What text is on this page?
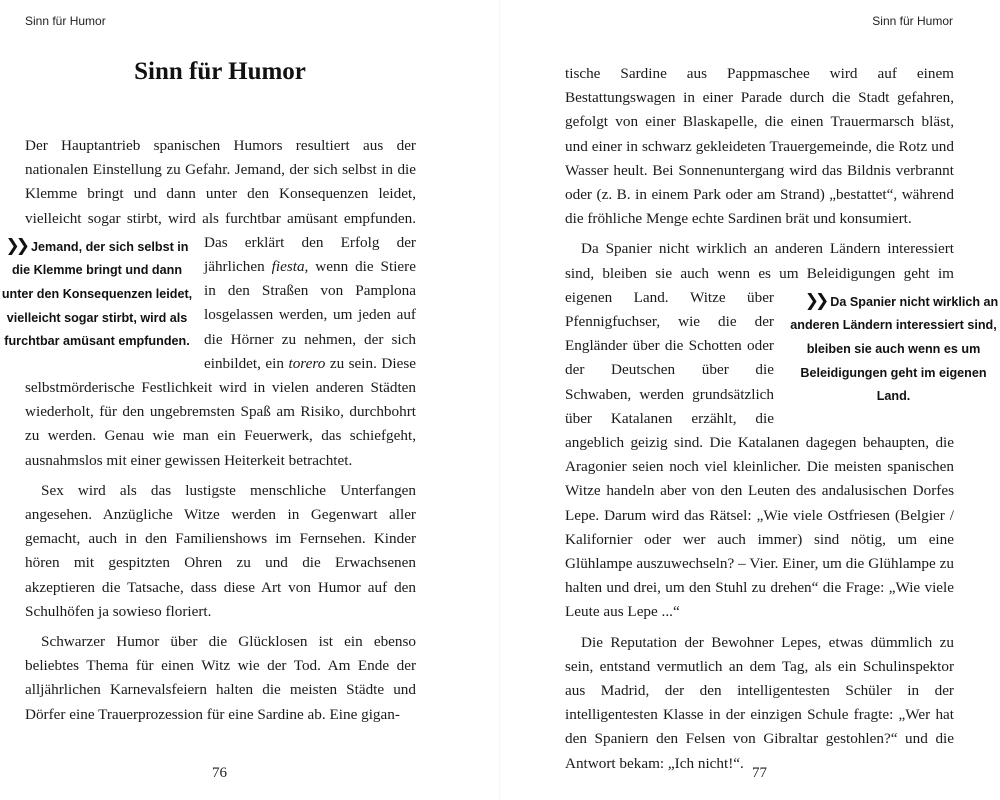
Sinn für Humor
Sinn für Humor

Der Hauptantrieb spanischen Humors resultiert aus der nationalen Einstellung zu Gefahr. Jemand, der sich selbst in die Klemme bringt und dann unter den Konsequenzen leidet, vielleicht sogar stirbt, wird als furchtbar amüsant empfunden.
❯❯ Jemand, der sich selbst in die Klemme bringt und dann unter den Konsequenzen leidet, vielleicht sogar stirbt, wird als furchtbar amüsant empfunden.
Das erklärt den Erfolg der jährlichen fiesta, wenn die Stiere in den Straßen von Pamplona losgelassen werden, um jeden auf die Hörner zu nehmen, der sich einbildet, ein torero zu sein. Diese selbstmörderische Festlichkeit wird in vielen anderen Städten wiederholt, für den ungebremsten Spaß am Risiko, durchbohrt zu werden. Genau wie man ein Feuerwerk, das schiefgeht, ausnahmslos mit einer gewissen Heiterkeit betrachtet.

Sex wird als das lustigste menschliche Unterfangen angesehen. Anzügliche Witze werden in Gegenwart aller gemacht, auch in den Familienshows im Fernsehen. Kinder hören mit gespitzten Ohren zu und die Erwachsenen akzeptieren die Tatsache, dass diese Art von Humor auf den Schulhöfen ja sowieso floriert.

Schwarzer Humor über die Glücklosen ist ein ebenso beliebtes Thema für einen Witz wie der Tod. Am Ende der alljährlichen Karnevalsfeiern halten die meisten Städte und Dörfer eine Trauerprozession für eine Sardine ab. Eine gigan-

76
Sinn für Humor

tische Sardine aus Pappmaschee wird auf einem Bestattungswagen in einer Parade durch die Stadt gefahren, gefolgt von einer Blaskapelle, die einen Trauermarsch bläst, und einer in schwarz gekleideten Trauergemeinde, die Rotz und Wasser heult. Bei Sonnenuntergang wird das Bildnis verbrannt oder (z. B. in einem Park oder am Strand) „bestattet“, während die fröhliche Menge echte Sardinen brät und konsumiert.

Da Spanier nicht wirklich an anderen Ländern interessiert sind, bleiben sie auch wenn es um Beleidigungen geht im eigenen Land.	❯❯ Da Spanier nicht wirklich an anderen Ländern interessiert sind, bleiben sie auch wenn es um Beleidigungen geht im eigenen Land.
Witze über Pfennigfuchser, wie die der Engländer über die Schotten oder der Deutschen über die Schwaben, werden grundsätzlich über Katalanen erzählt, die angeblich geizig sind. Die Katalanen dagegen behaupten, die Aragonier seien noch viel kleinlicher. Die meisten spanischen Witze handeln aber von den Leuten des andalusischen Dorfes Lepe. Darum wird das Rätsel: „Wie viele Ostfriesen (Belgier / Kalifornier oder wer auch immer) sind nötig, um eine Glühlampe auszuwechseln? – Vier. Einer, um die Glühlampe zu halten und drei, um den Stuhl zu drehen“ die Frage: „Wie viele Leute aus Lepe ...“

Die Reputation der Bewohner Lepes, etwas dümmlich zu sein, entstand vermutlich an dem Tag, als ein Schulinspektor aus Madrid, der den intelligentesten Schüler in der intelligentesten Klasse in der einzigen Schule fragte: „Wer hat den Spaniern den Felsen von Gibraltar gestohlen?“ und die Antwort bekam: „Ich nicht!“.

77
